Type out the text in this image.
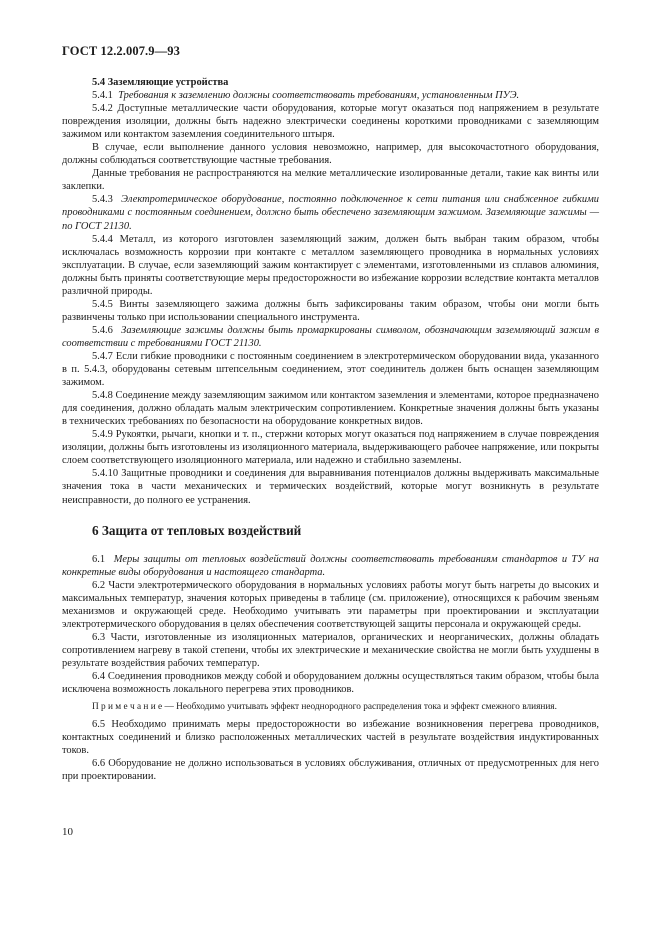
ГОСТ 12.2.007.9—93

5.4 Заземляющие устройства

5.4.1 Требования к заземлению должны соответствовать требованиям, установленным ПУЭ.

5.4.2 Доступные металлические части оборудования, которые могут оказаться под напряжением в результате повреждения изоляции, должны быть надежно электрически соединены короткими проводниками с заземляющим зажимом или контактом заземления соединительного штыря.

В случае, если выполнение данного условия невозможно, например, для высокочастотного оборудования, должны соблюдаться соответствующие частные требования.

Данные требования не распространяются на мелкие металлические изолированные детали, такие как винты или заклепки.

5.4.3 Электротермическое оборудование, постоянно подключенное к сети питания или снабженное гибкими проводниками с постоянным соединением, должно быть обеспечено заземляющим зажимом. Заземляющие зажимы — по ГОСТ 21130.

5.4.4 Металл, из которого изготовлен заземляющий зажим, должен быть выбран таким образом, чтобы исключалась возможность коррозии при контакте с металлом заземляющего проводника в нормальных условиях эксплуатации. В случае, если заземляющий зажим контактирует с элементами, изготовленными из сплавов алюминия, должны быть приняты соответствующие меры предосторожности во избежание коррозии вследствие контакта металлов различной природы.

5.4.5 Винты заземляющего зажима должны быть зафиксированы таким образом, чтобы они могли быть развинчены только при использовании специального инструмента.

5.4.6 Заземляющие зажимы должны быть промаркированы символом, обозначающим заземляющий зажим в соответствии с требованиями ГОСТ 21130.

5.4.7 Если гибкие проводники с постоянным соединением в электротермическом оборудовании вида, указанного в п. 5.4.3, оборудованы сетевым штепсельным соединением, этот соединитель должен быть оснащен заземляющим зажимом.

5.4.8 Соединение между заземляющим зажимом или контактом заземления и элементами, которое предназначено для соединения, должно обладать малым электрическим сопротивлением. Конкретные значения должны быть указаны в технических требованиях по безопасности на оборудование конкретных видов.

5.4.9 Рукоятки, рычаги, кнопки и т. п., стержни которых могут оказаться под напряжением в случае повреждения изоляции, должны быть изготовлены из изоляционного материала, выдерживающего рабочее напряжение, или покрыты слоем соответствующего изоляционного материала, или надежно и стабильно заземлены.

5.4.10 Защитные проводники и соединения для выравнивания потенциалов должны выдерживать максимальные значения тока в части механических и термических воздействий, которые могут возникнуть в результате неисправности, до полного ее устранения.

6 Защита от тепловых воздействий

6.1 Меры защиты от тепловых воздействий должны соответствовать требованиям стандартов и ТУ на конкретные виды оборудования и настоящего стандарта.

6.2 Части электротермического оборудования в нормальных условиях работы могут быть нагреты до высоких и максимальных температур, значения которых приведены в таблице (см. приложение), относящихся к рабочим звеньям механизмов и окружающей среде. Необходимо учитывать эти параметры при проектировании и эксплуатации электротермического оборудования в целях обеспечения соответствующей защиты персонала и окружающей среды.

6.3 Части, изготовленные из изоляционных материалов, органических и неорганических, должны обладать сопротивлением нагреву в такой степени, чтобы их электрические и механические свойства не могли быть ухудшены в результате воздействия рабочих температур.

6.4 Соединения проводников между собой и оборудованием должны осуществляться таким образом, чтобы была исключена возможность локального перегрева этих проводников.

П р и м е ч а н и е — Необходимо учитывать эффект неоднородного распределения тока и эффект смежного влияния.

6.5 Необходимо принимать меры предосторожности во избежание возникновения перегрева проводников, контактных соединений и близко расположенных металлических частей в результате воздействия индуктированных токов.

6.6 Оборудование не должно использоваться в условиях обслуживания, отличных от предусмотренных для него при проектировании.

10
